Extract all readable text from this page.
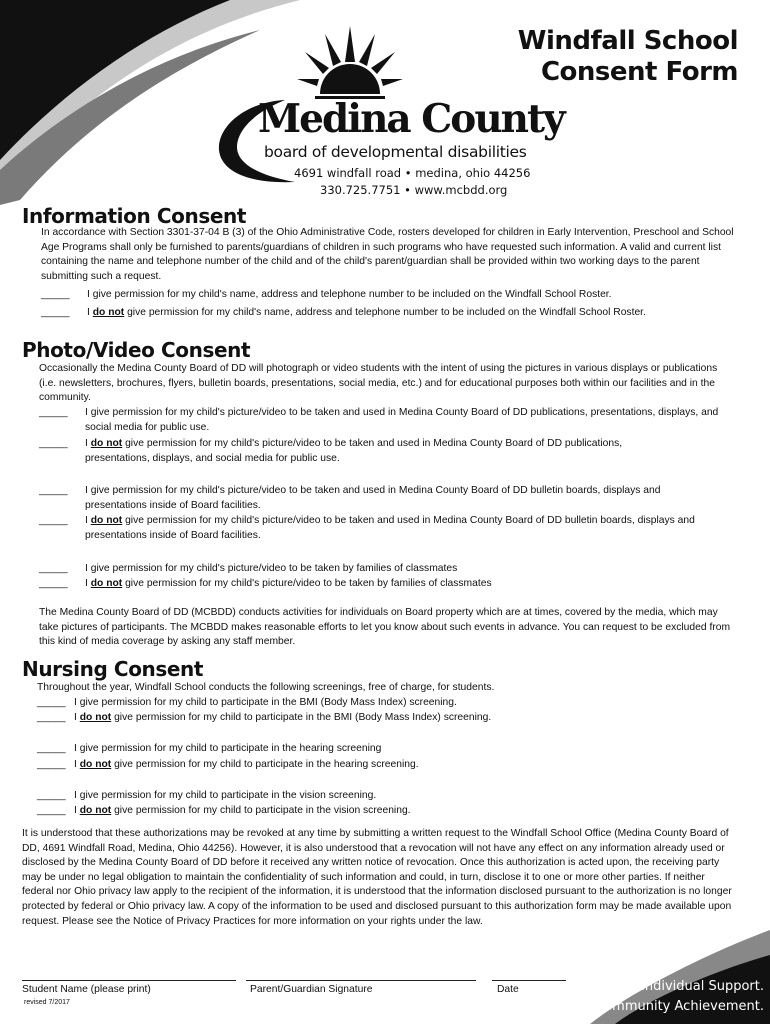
Medina County
board of developmental disabilities
4691 windfall road • medina, ohio 44256
330.725.7751 • www.mcbdd.org
Windfall School
Consent Form
Information Consent
In accordance with Section 3301-37-04 B (3) of the Ohio Administrative Code, rosters developed for children in Early Intervention, Preschool and School Age Programs shall only be furnished to parents/guardians of children in such programs who have requested such information. A valid and current list containing the name and telephone number of the child and of the child's parent/guardian shall be provided within two working days to the parent submitting such a request.
_____ I give permission for my child's name, address and telephone number to be included on the Windfall School Roster.
_____ I do not give permission for my child's name, address and telephone number to be included on the Windfall School Roster.
Photo/Video Consent
Occasionally the Medina County Board of DD will photograph or video students with the intent of using the pictures in various displays or publications (i.e. newsletters, brochures, flyers, bulletin boards, presentations, social media, etc.) and for educational purposes both within our facilities and in the community.
_____ I give permission for my child's picture/video to be taken and used in Medina County Board of DD publications, presentations, displays, and social media for public use.
_____ I do not give permission for my child's picture/video to be taken and used in Medina County Board of DD publications, presentations, displays, and social media for public use.
_____ I give permission for my child's picture/video to be taken and used in Medina County Board of DD bulletin boards, displays and presentations inside of Board facilities.
_____ I do not give permission for my child's picture/video to be taken and used in Medina County Board of DD bulletin boards, displays and presentations inside of Board facilities.
_____ I give permission for my child's picture/video to be taken by families of classmates
_____ I do not give permission for my child's picture/video to be taken by families of classmates
The Medina County Board of DD (MCBDD) conducts activities for individuals on Board property which are at times, covered by the media, which may take pictures of participants. The MCBDD makes reasonable efforts to let you know about such events in advance. You can request to be excluded from this kind of media coverage by asking any staff member.
Nursing Consent
Throughout the year, Windfall School conducts the following screenings, free of charge, for students.
_____ I give permission for my child to participate in the BMI (Body Mass Index) screening.
_____ I do not give permission for my child to participate in the BMI (Body Mass Index) screening.
_____ I give permission for my child to participate in the hearing screening
_____ I do not give permission for my child to participate in the hearing screening.
_____ I give permission for my child to participate in the vision screening.
_____ I do not give permission for my child to participate in the vision screening.
It is understood that these authorizations may be revoked at any time by submitting a written request to the Windfall School Office (Medina County Board of DD, 4691 Windfall Road, Medina, Ohio 44256). However, it is also understood that a revocation will not have any effect on any information already used or disclosed by the Medina County Board of DD before it received any written notice of revocation. Once this authorization is acted upon, the receiving party may be under no legal obligation to maintain the confidentiality of such information and could, in turn, disclose it to one or more other parties. If neither federal nor Ohio privacy law apply to the recipient of the information, it is understood that the information disclosed pursuant to the authorization is no longer protected by federal or Ohio privacy law. A copy of the information to be used and disclosed pursuant to this authorization form may be made available upon request. Please see the Notice of Privacy Practices for more information on your rights under the law.
Student Name (please print)	Parent/Guardian Signature	Date
revised 7/2017
Individual Support.
Community Achievement.
